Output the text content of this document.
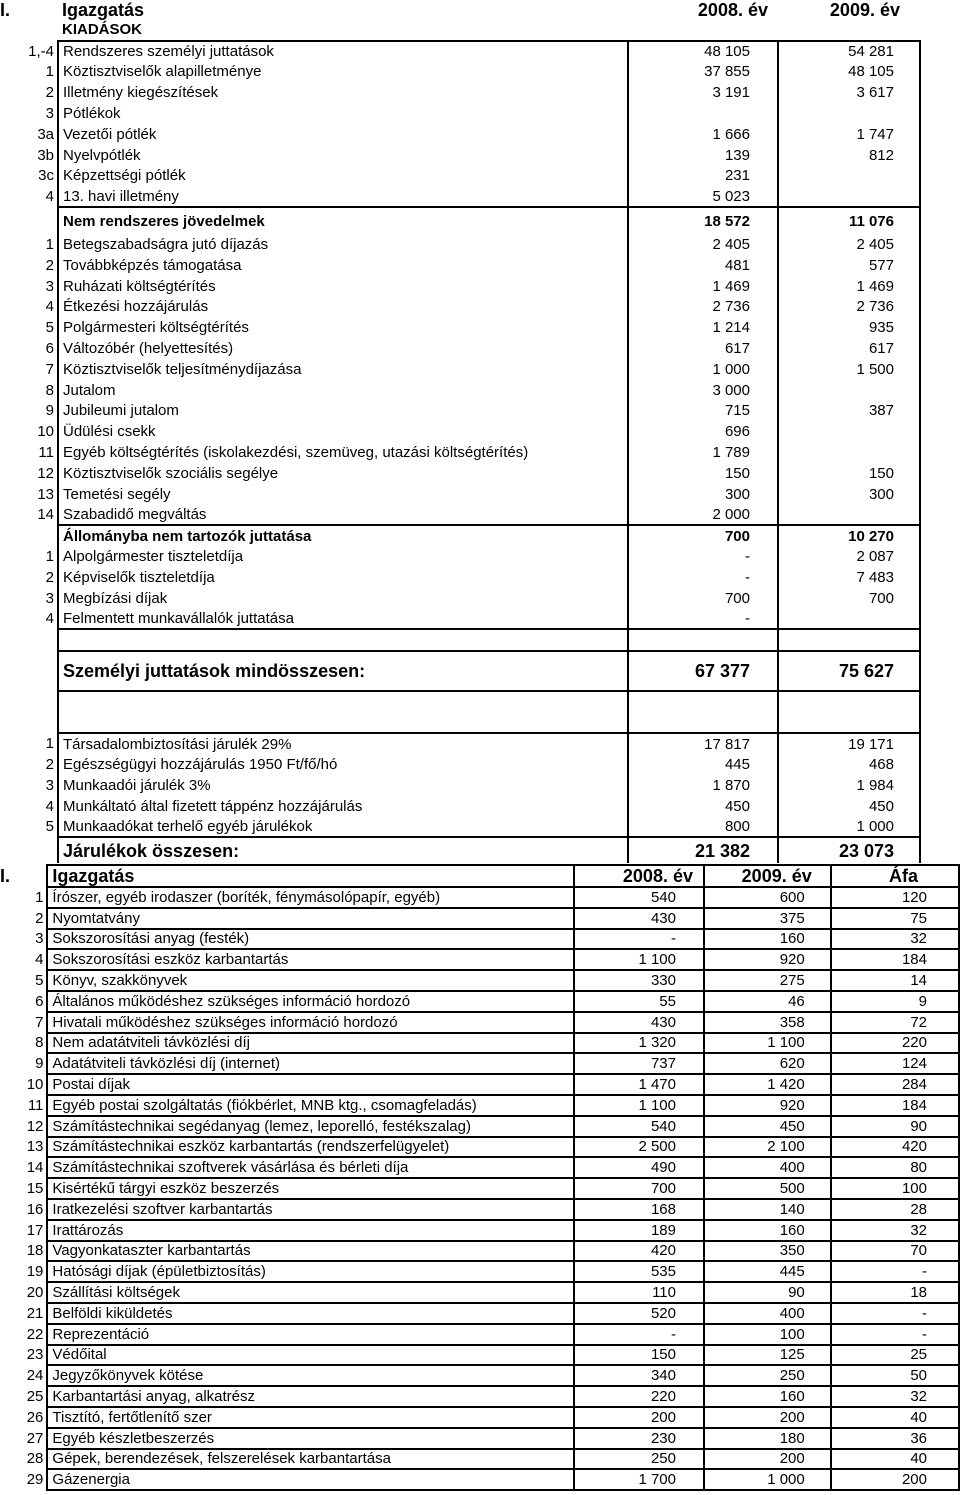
I.	Igazgatás	2008. év	2009. év
	KIADÁSOK		
1,-4	Rendszeres személyi juttatások	48 105	54 281
1	Köztisztviselők alapilletménye	37 855	48 105
2	Illetmény kiegészítések	3 191	3 617
3	Pótlékok		
3a	Vezetői pótlék	1 666	1 747
3b	Nyelvpótlék	139	812
3c	Képzettségi pótlék	231	
4	13. havi illetmény	5 023	
	Nem rendszeres jövedelmek	18 572	11 076
1	Betegszabadságra jutó díjazás	2 405	2 405
2	Továbbképzés támogatása	481	577
3	Ruházati költségtérítés	1 469	1 469
4	Étkezési hozzájárulás	2 736	2 736
5	Polgármesteri költségtérítés	1 214	935
6	Változóbér (helyettesítés)	617	617
7	Köztisztviselők teljesítménydíjazása	1 000	1 500
8	Jutalom	3 000	
9	Jubileumi jutalom	715	387
10	Üdülési csekk	696	
11	Egyéb költségtérítés (iskolakezdési, szemüveg, utazási költségtérítés)	1 789	
12	Köztisztviselők szociális segélye	150	150
13	Temetési segély	300	300
14	Szabadidő megváltás	2 000	
	Állományba nem tartozók juttatása	700	10 270
1	Alpolgármester tiszteletdíja	-	2 087
2	Képviselők tiszteletdíja	-	7 483
3	Megbízási díjak	700	700
4	Felmentett munkavállalók juttatása	-	

	Személyi juttatások mindösszesen:	67 377	75 627

1	Társadalombiztosítási járulék 29%	17 817	19 171
2	Egészségügyi hozzájárulás 1950 Ft/fő/hó	445	468
3	Munkaadói járulék 3%	1 870	1 984
4	Munkáltató által fizetett táppénz hozzájárulás	450	450
5	Munkaadókat terhelő egyéb járulékok	800	1 000
	Járulékok összesen:	21 382	23 073
I.	Igazgatás	2008. év	2009. év	Áfa
1	Írószer, egyéb irodaszer (boríték, fénymásolópapír, egyéb)	540	600	120
2	Nyomtatvány	430	375	75
3	Sokszorosítási anyag (festék)	-	160	32
4	Sokszorosítási eszköz karbantartás	1 100	920	184
5	Könyv, szakkönyvek	330	275	14
6	Általános működéshez szükséges információ hordozó	55	46	9
7	Hivatali működéshez szükséges információ hordozó	430	358	72
8	Nem adatátviteli távközlési díj	1 320	1 100	220
9	Adatátviteli távközlési díj (internet)	737	620	124
10	Postai díjak	1 470	1 420	284
11	Egyéb postai szolgáltatás (fiókbérlet, MNB ktg., csomagfeladás)	1 100	920	184
12	Számítástechnikai segédanyag (lemez, leporelló, festékszalag)	540	450	90
13	Számítástechnikai eszköz karbantartás (rendszerfelügyelet)	2 500	2 100	420
14	Számítástechnikai szoftverek vásárlása és bérleti díja	490	400	80
15	Kisértékű tárgyi eszköz beszerzés	700	500	100
16	Iratkezelési szoftver karbantartás	168	140	28
17	Irattározás	189	160	32
18	Vagyonkataszter karbantartás	420	350	70
19	Hatósági díjak (épületbiztosítás)	535	445	-
20	Szállítási költségek	110	90	18
21	Belföldi kiküldetés	520	400	-
22	Reprezentáció	-	100	-
23	Védőital	150	125	25
24	Jegyzőkönyvek kötése	340	250	50
25	Karbantartási anyag, alkatrész	220	160	32
26	Tisztító, fertőtlenítő szer	200	200	40
27	Egyéb készletbeszerzés	230	180	36
28	Gépek, berendezések, felszerelések karbantartása	250	200	40
29	Gázenergia	1 700	1 000	200
